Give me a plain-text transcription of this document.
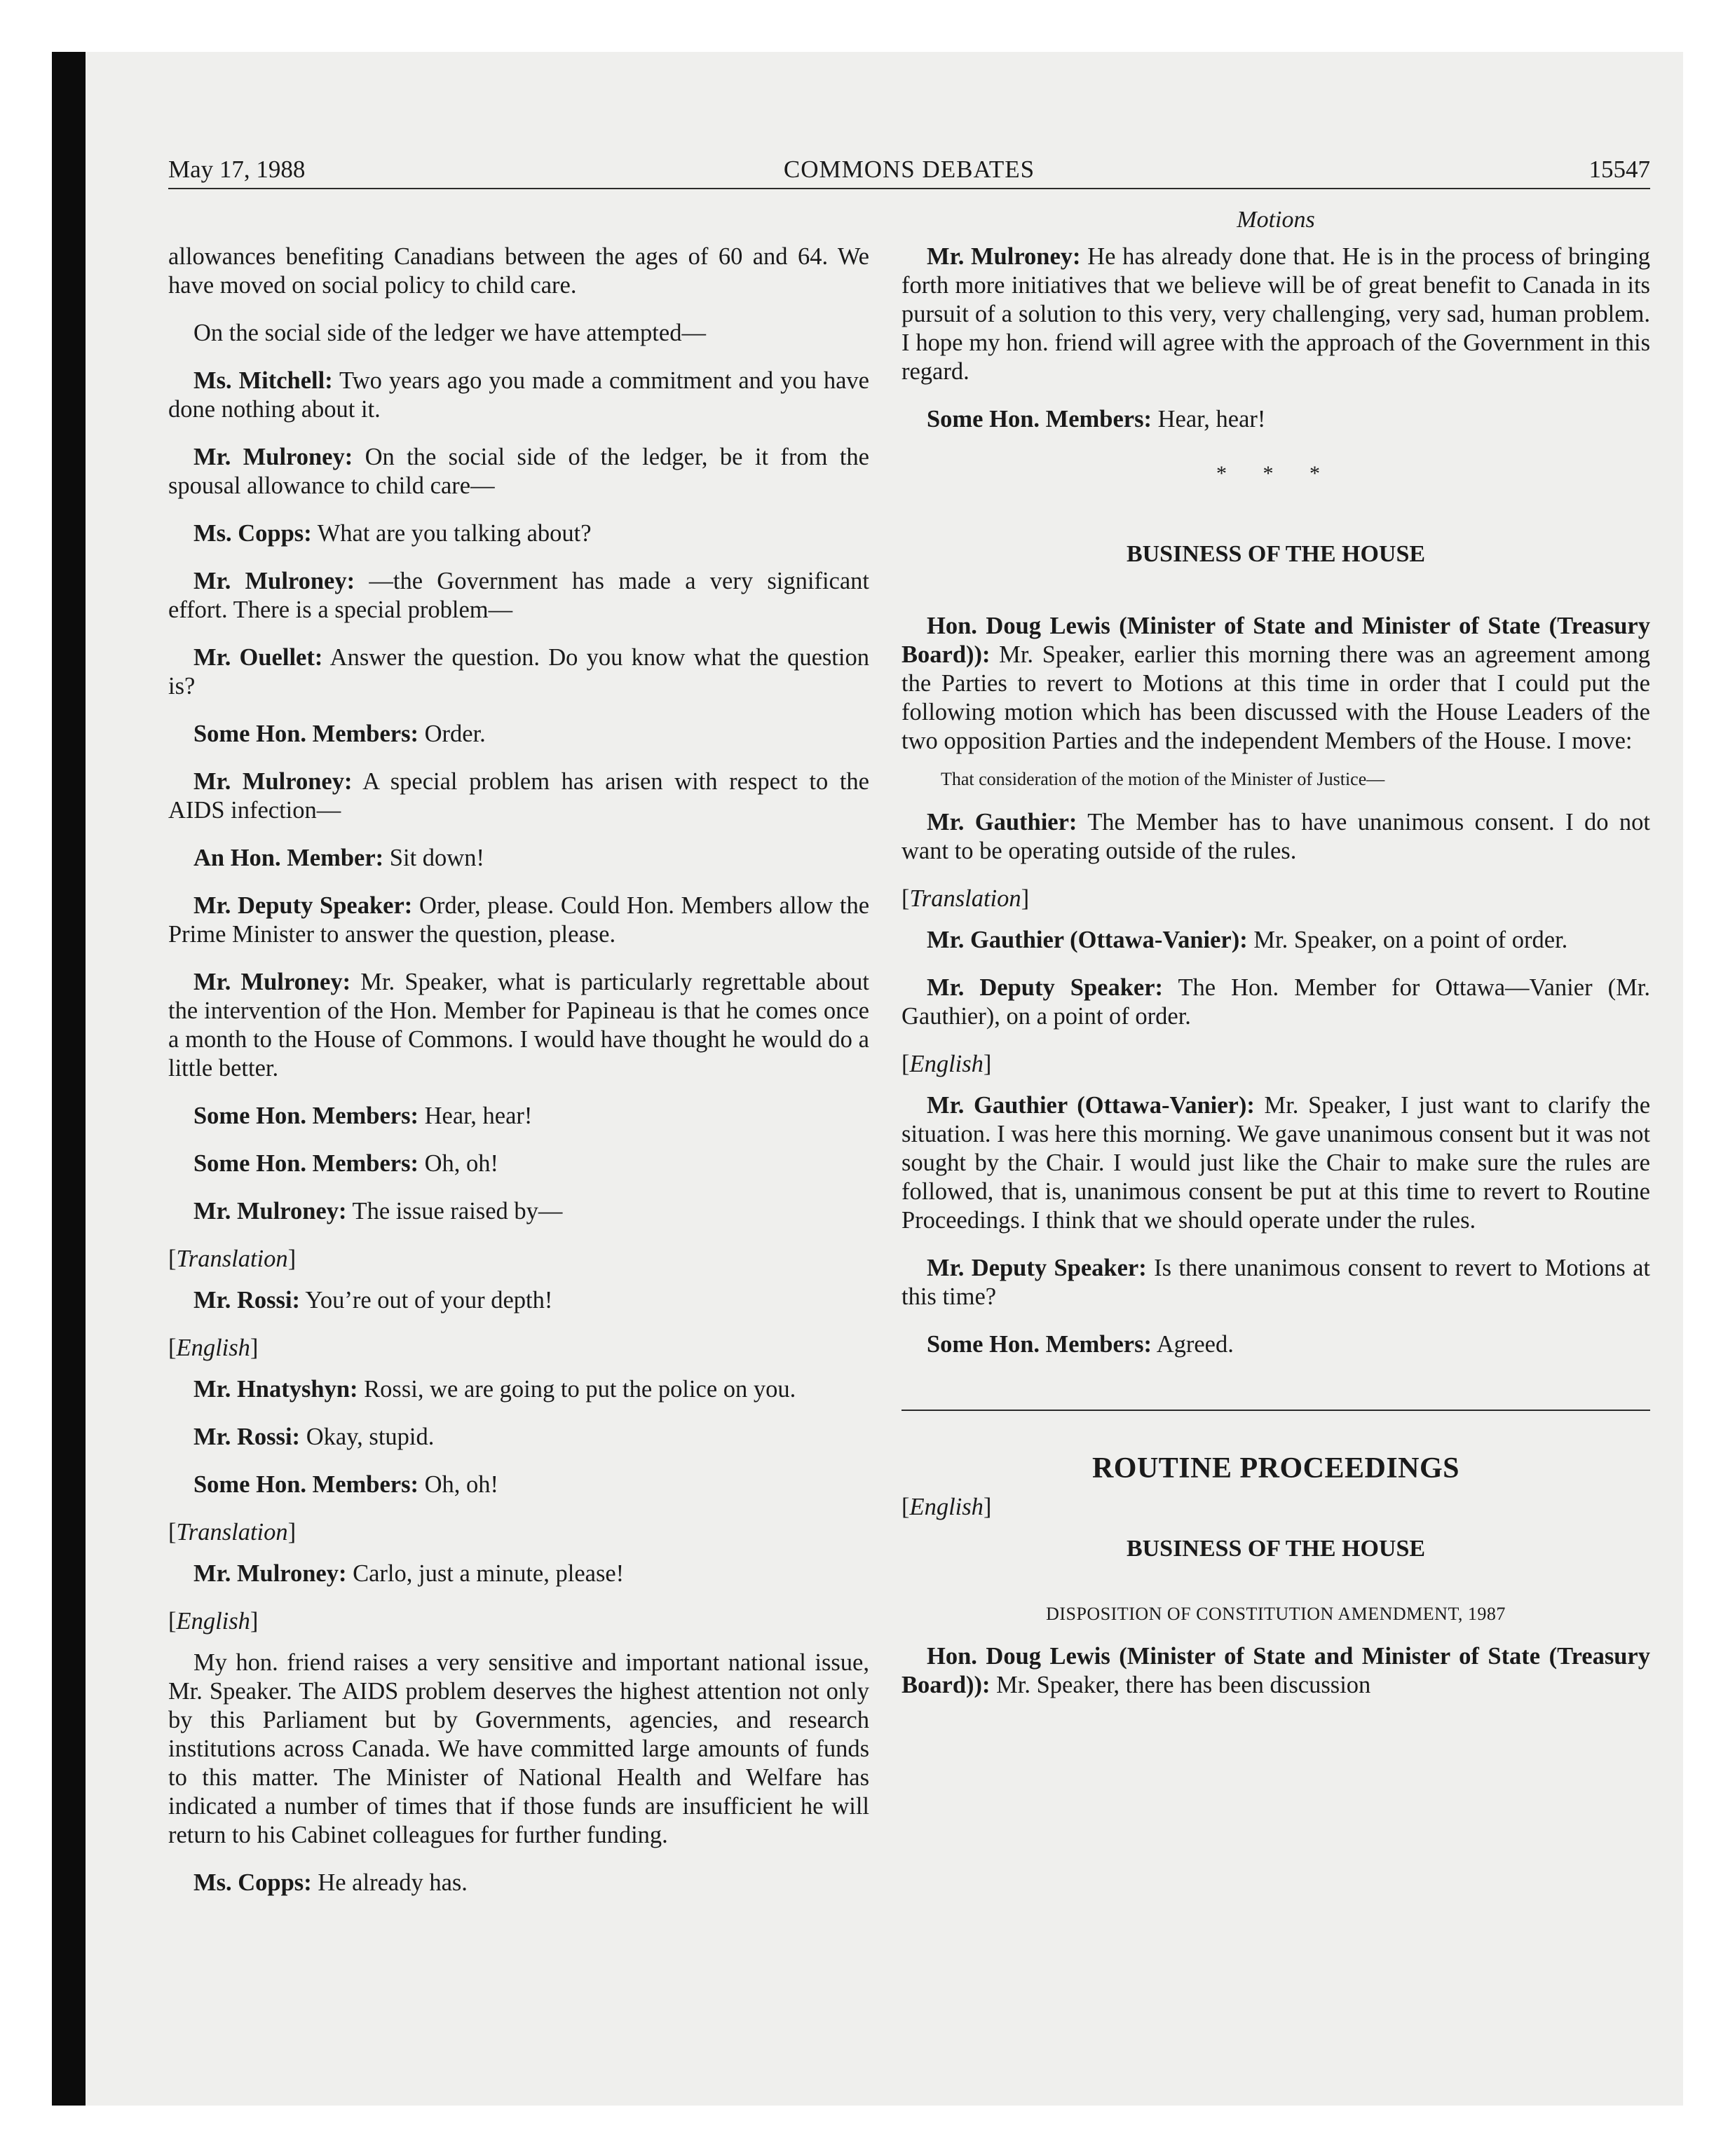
May 17, 1988	COMMONS DEBATES	15547
Motions

allowances benefiting Canadians between the ages of 60 and 64. We have moved on social policy to child care.

On the social side of the ledger we have attempted—

Ms. Mitchell: Two years ago you made a commitment and you have done nothing about it.

Mr. Mulroney: On the social side of the ledger, be it from the spousal allowance to child care—

Ms. Copps: What are you talking about?

Mr. Mulroney: —the Government has made a very significant effort. There is a special problem—

Mr. Ouellet: Answer the question. Do you know what the question is?

Some Hon. Members: Order.

Mr. Mulroney: A special problem has arisen with respect to the AIDS infection—

An Hon. Member: Sit down!

Mr. Deputy Speaker: Order, please. Could Hon. Members allow the Prime Minister to answer the question, please.

Mr. Mulroney: Mr. Speaker, what is particularly regrettable about the intervention of the Hon. Member for Papineau is that he comes once a month to the House of Commons. I would have thought he would do a little better.

Some Hon. Members: Hear, hear!

Some Hon. Members: Oh, oh!

Mr. Mulroney: The issue raised by—

[Translation]

Mr. Rossi: You’re out of your depth!

[English]

Mr. Hnatyshyn: Rossi, we are going to put the police on you.

Mr. Rossi: Okay, stupid.

Some Hon. Members: Oh, oh!

[Translation]

Mr. Mulroney: Carlo, just a minute, please!

[English]

My hon. friend raises a very sensitive and important national issue, Mr. Speaker. The AIDS problem deserves the highest attention not only by this Parliament but by Governments, agencies, and research institutions across Canada. We have committed large amounts of funds to this matter. The Minister of National Health and Welfare has indicated a number of times that if those funds are insufficient he will return to his Cabinet colleagues for further funding.

Ms. Copps: He already has.

Mr. Mulroney: He has already done that. He is in the process of bringing forth more initiatives that we believe will be of great benefit to Canada in its pursuit of a solution to this very, very challenging, very sad, human problem. I hope my hon. friend will agree with the approach of the Government in this regard.

Some Hon. Members: Hear, hear!

* * *
BUSINESS OF THE HOUSE

Hon. Doug Lewis (Minister of State and Minister of State (Treasury Board)): Mr. Speaker, earlier this morning there was an agreement among the Parties to revert to Motions at this time in order that I could put the following motion which has been discussed with the House Leaders of the two opposition Parties and the independent Members of the House. I move:

That consideration of the motion of the Minister of Justice—

Mr. Gauthier: The Member has to have unanimous consent. I do not want to be operating outside of the rules.

[Translation]

Mr. Gauthier (Ottawa-Vanier): Mr. Speaker, on a point of order.

Mr. Deputy Speaker: The Hon. Member for Ottawa—Vanier (Mr. Gauthier), on a point of order.

[English]

Mr. Gauthier (Ottawa-Vanier): Mr. Speaker, I just want to clarify the situation. I was here this morning. We gave unanimous consent but it was not sought by the Chair. I would just like the Chair to make sure the rules are followed, that is, unanimous consent be put at this time to revert to Routine Proceedings. I think that we should operate under the rules.

Mr. Deputy Speaker: Is there unanimous consent to revert to Motions at this time?

Some Hon. Members: Agreed.

ROUTINE PROCEEDINGS
[English]
BUSINESS OF THE HOUSE
DISPOSITION OF CONSTITUTION AMENDMENT, 1987

Hon. Doug Lewis (Minister of State and Minister of State (Treasury Board)): Mr. Speaker, there has been discussion
